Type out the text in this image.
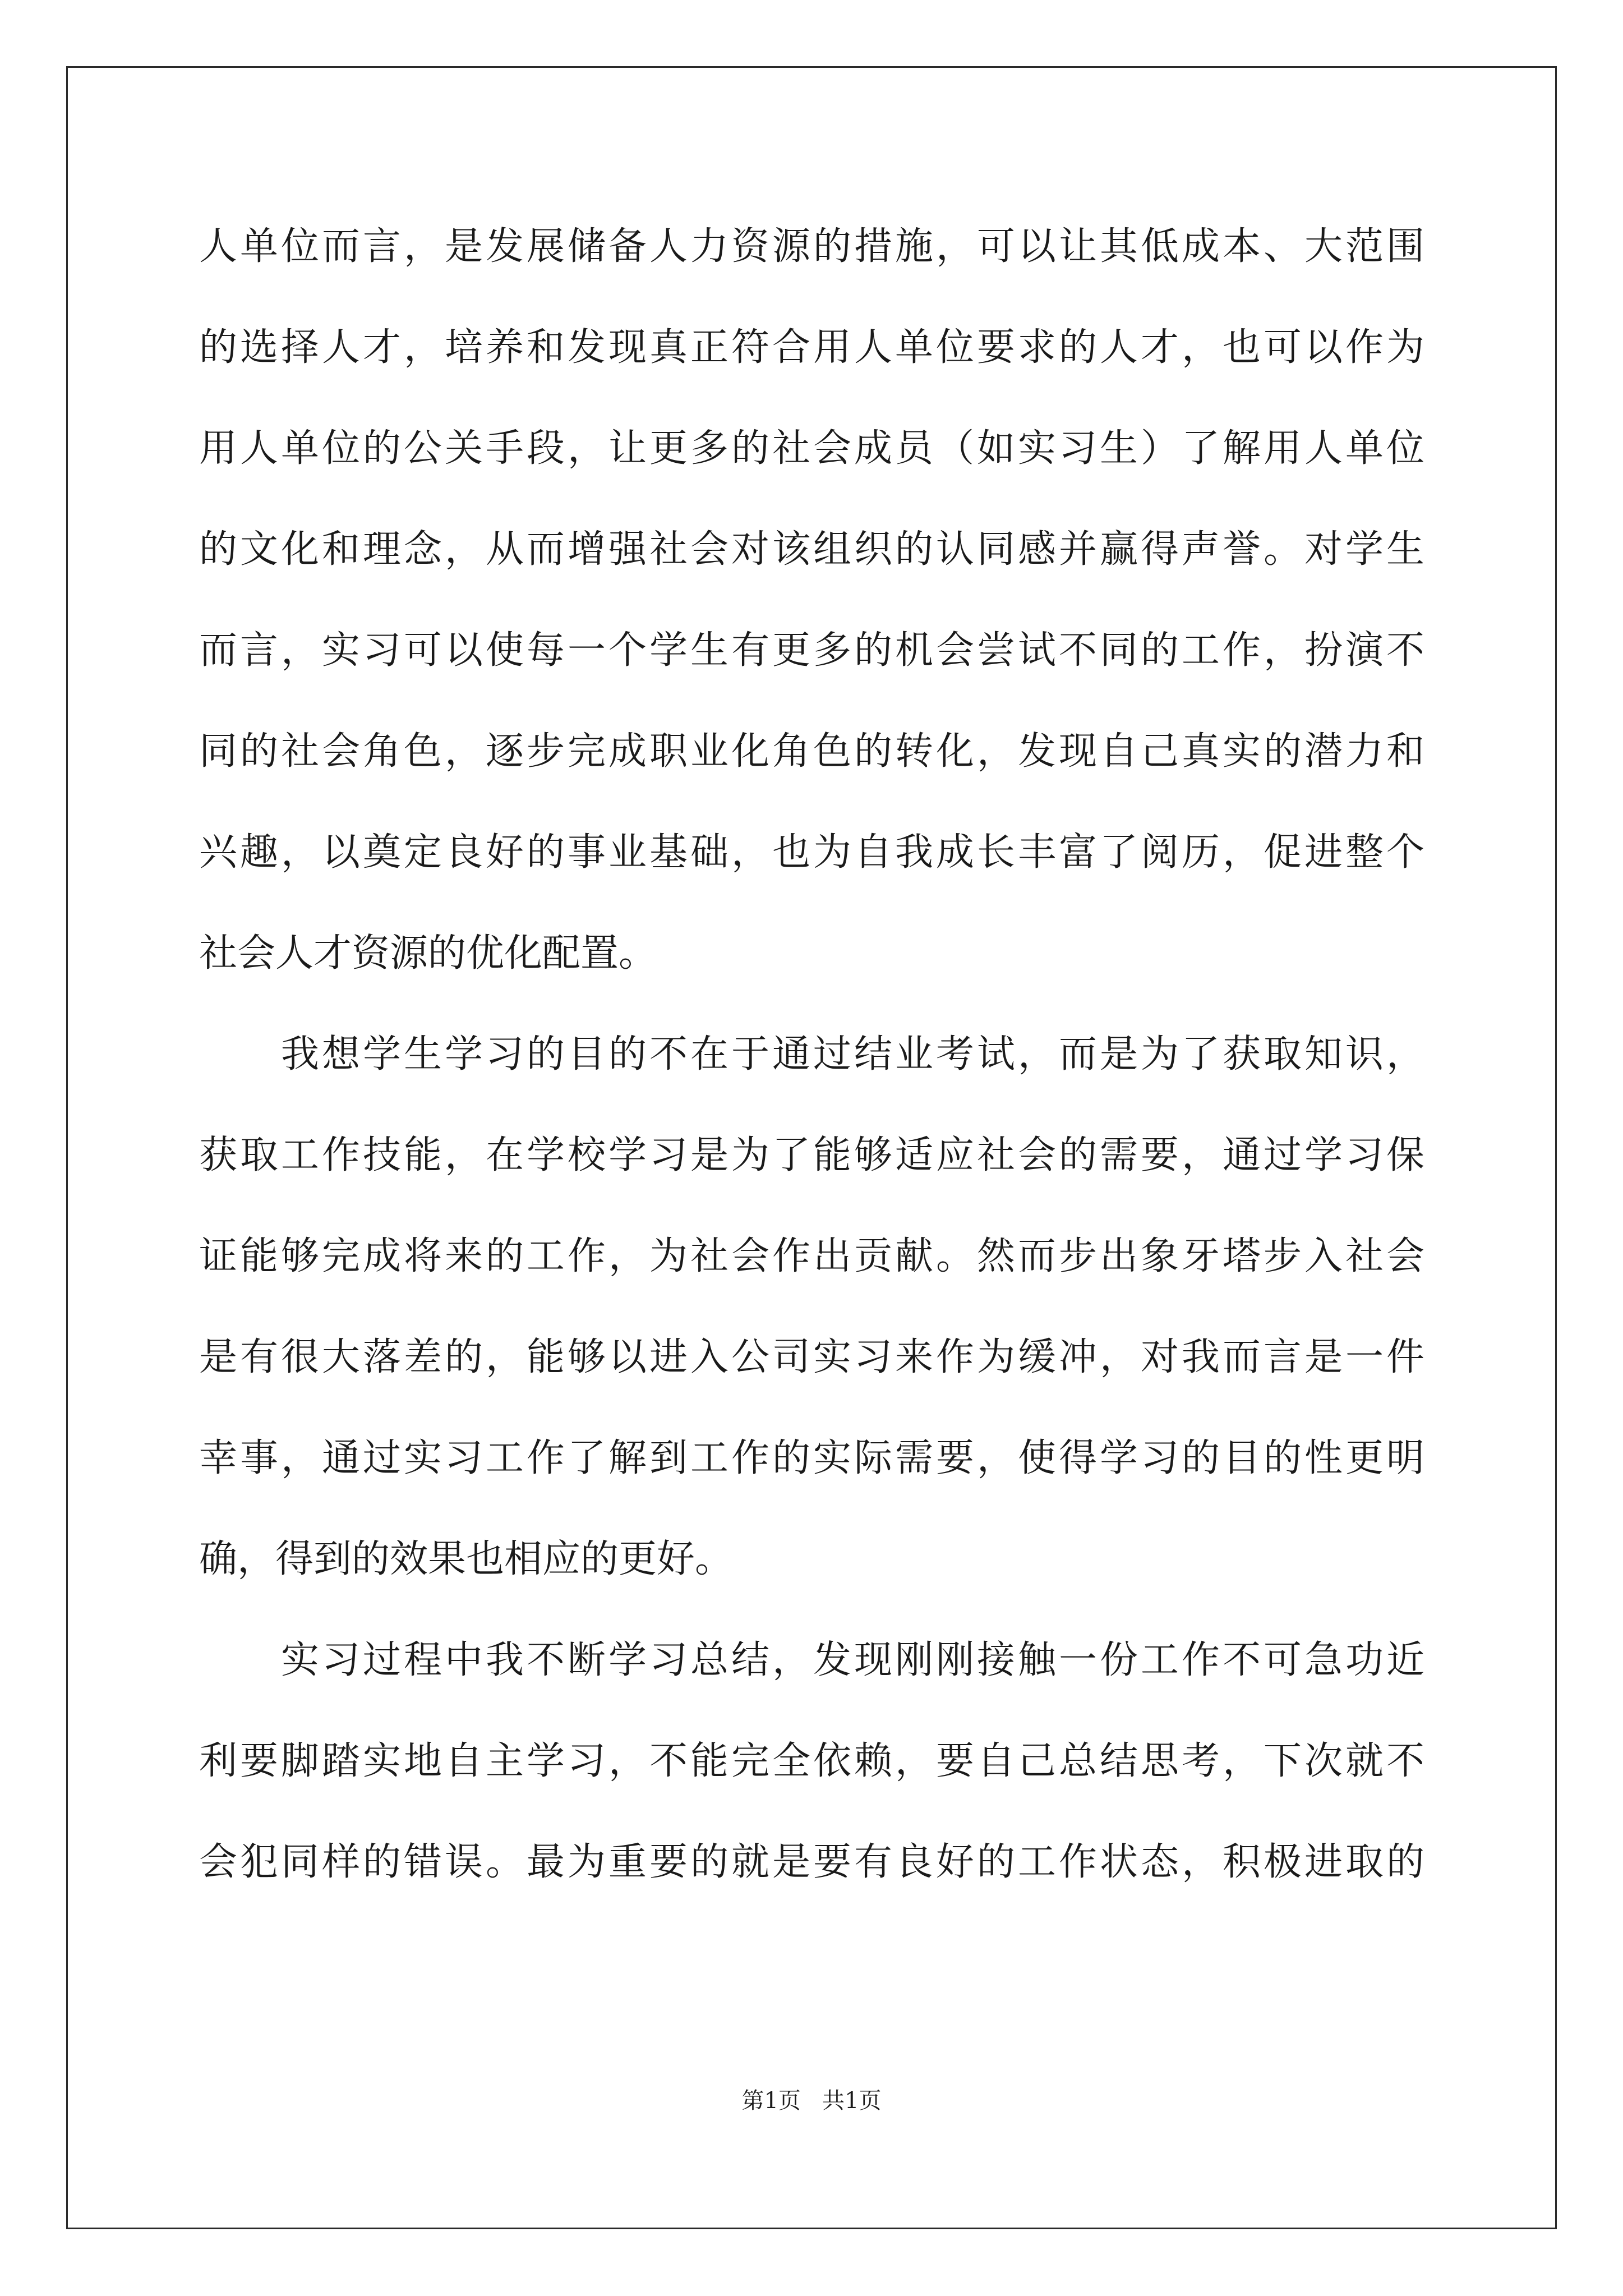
人单位而言，是发展储备人力资源的措施，可以让其低成本、大范围
的选择人才，培养和发现真正符合用人单位要求的人才，也可以作为
用人单位的公关手段，让更多的社会成员（如实习生）了解用人单位
的文化和理念，从而增强社会对该组织的认同感并赢得声誉。对学生
而言，实习可以使每一个学生有更多的机会尝试不同的工作，扮演不
同的社会角色，逐步完成职业化角色的转化，发现自己真实的潜力和
兴趣，以奠定良好的事业基础，也为自我成长丰富了阅历，促进整个
社会人才资源的优化配置。
　　我想学生学习的目的不在于通过结业考试，而是为了获取知识，
获取工作技能，在学校学习是为了能够适应社会的需要，通过学习保
证能够完成将来的工作，为社会作出贡献。然而步出象牙塔步入社会
是有很大落差的，能够以进入公司实习来作为缓冲，对我而言是一件
幸事，通过实习工作了解到工作的实际需要，使得学习的目的性更明
确，得到的效果也相应的更好。
　　实习过程中我不断学习总结，发现刚刚接触一份工作不可急功近
利要脚踏实地自主学习，不能完全依赖，要自己总结思考，下次就不
会犯同样的错误。最为重要的就是要有良好的工作状态，积极进取的
第1页   共1页
